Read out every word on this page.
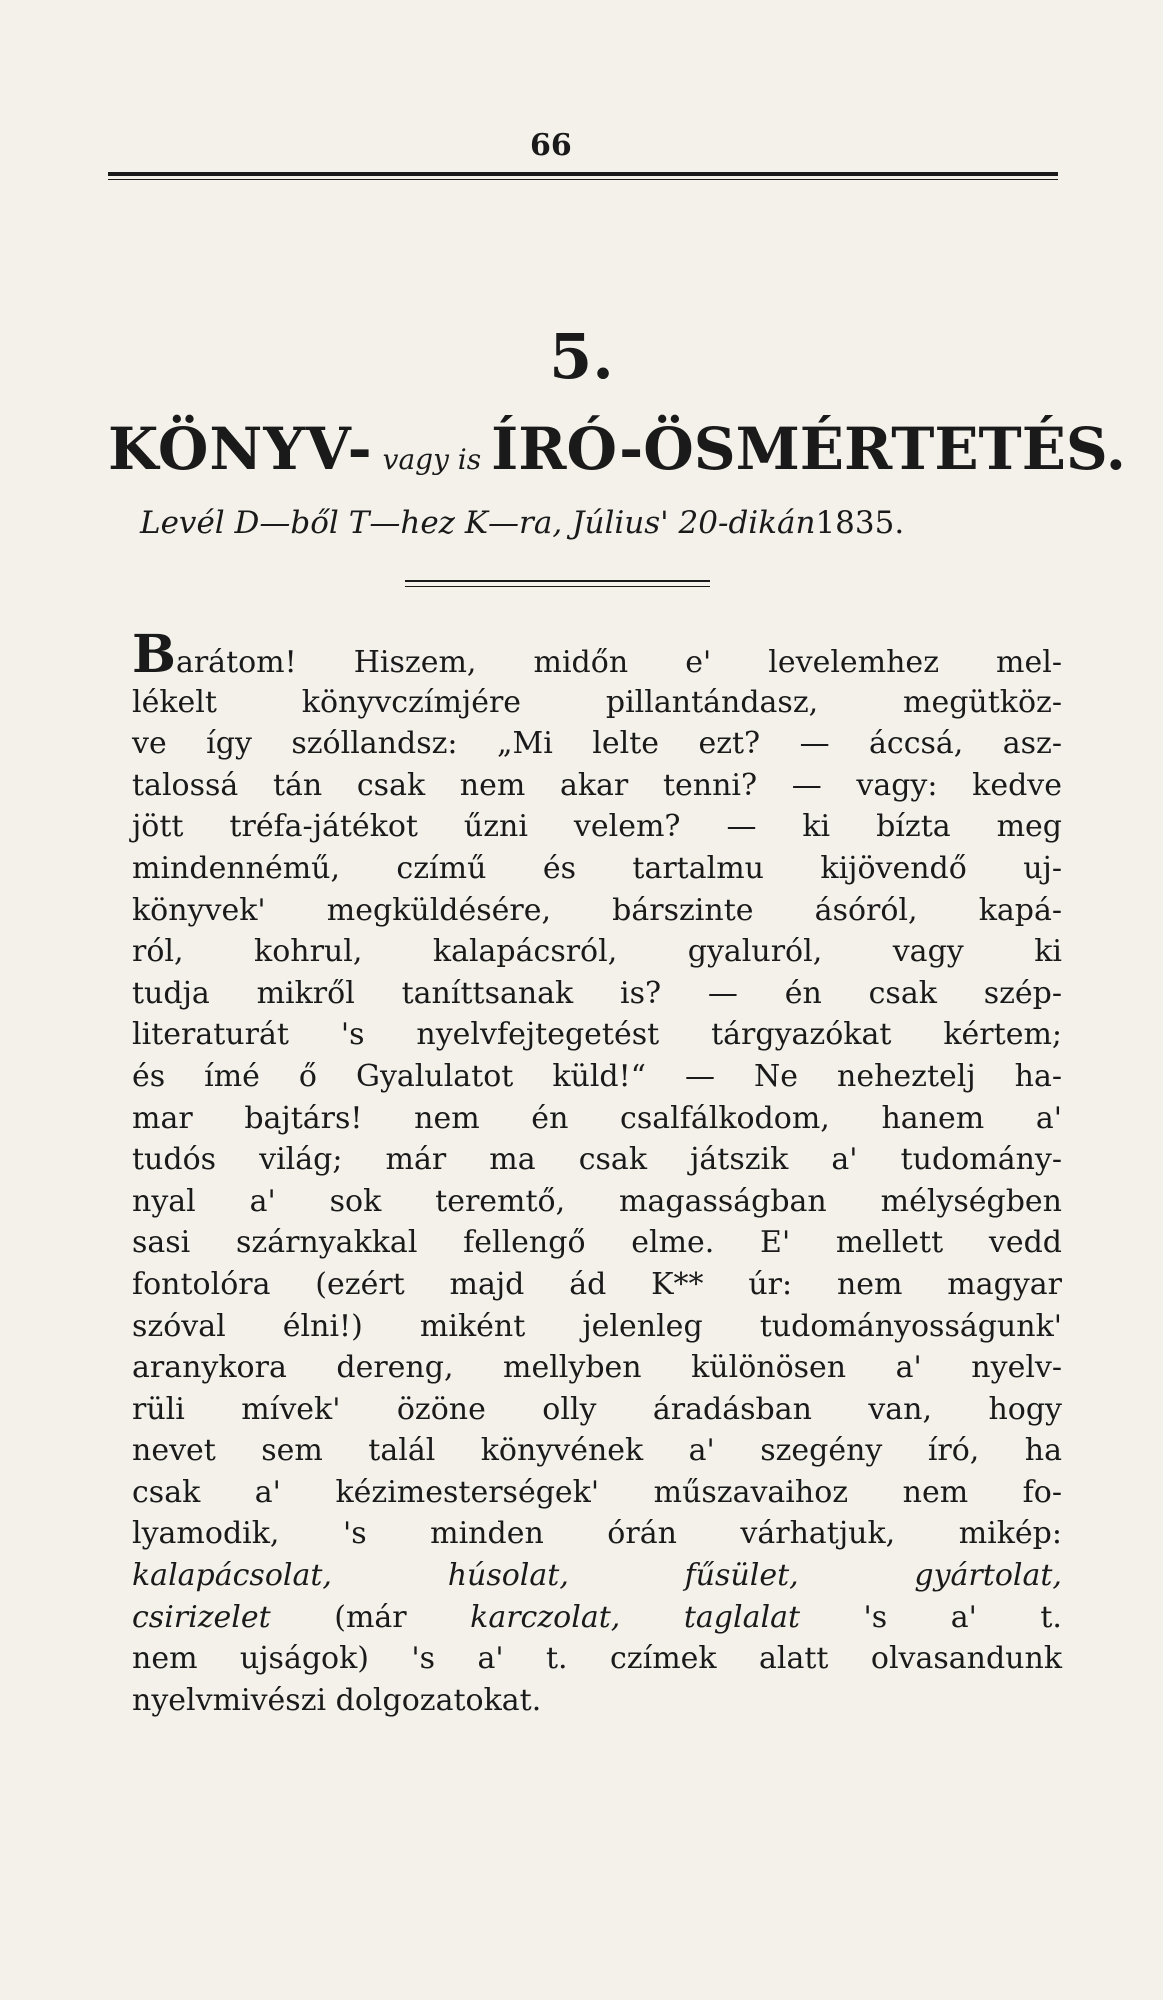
66
5.
KÖNYV- vagy is ÍRÓ-ÖSMÉRTETÉS.
Levél D—ből T—hez K—ra, Július' 20-dikán1835.
Barátom! Hiszem, midőn e' levelemhez mel-
lékelt könyvczímjére pillantándasz, megütköz-
ve így szóllandsz: „Mi lelte ezt? — áccsá, asz-
talossá tán csak nem akar tenni? — vagy: kedve
jött tréfa-játékot űzni velem? — ki bízta meg
mindennémű, czímű és tartalmu kijövendő uj-
könyvek' megküldésére, bárszinte ásóról, kapá-
ról, kohrul, kalapácsról, gyaluról, vagy ki
tudja mikről taníttsanak is? — én csak szép-
literaturát 's nyelvfejtegetést tárgyazókat kértem;
és ímé ő Gyalulatot küld!“ — Ne neheztelj ha-
mar bajtárs! nem én csalfálkodom, hanem a'
tudós világ; már ma csak játszik a' tudomány-
nyal a' sok teremtő, magasságban mélységben
sasi szárnyakkal fellengő elme. E' mellett vedd
fontolóra (ezért majd ád K** úr: nem magyar
szóval élni!) miként jelenleg tudományosságunk'
aranykora dereng, mellyben különösen a' nyelv-
rüli mívek' özöne olly áradásban van, hogy
nevet sem talál könyvének a' szegény író, ha
csak a' kézimesterségek' műszavaihoz nem fo-
lyamodik, 's minden órán várhatjuk, mikép:
kalapácsolat,	húsolat,	fűsület,	gyártolat,
csirizelet (már karczolat, taglalat 's a' t.
nem ujságok) 's a' t. czímek alatt olvasandunk
nyelvmivészi dolgozatokat.
